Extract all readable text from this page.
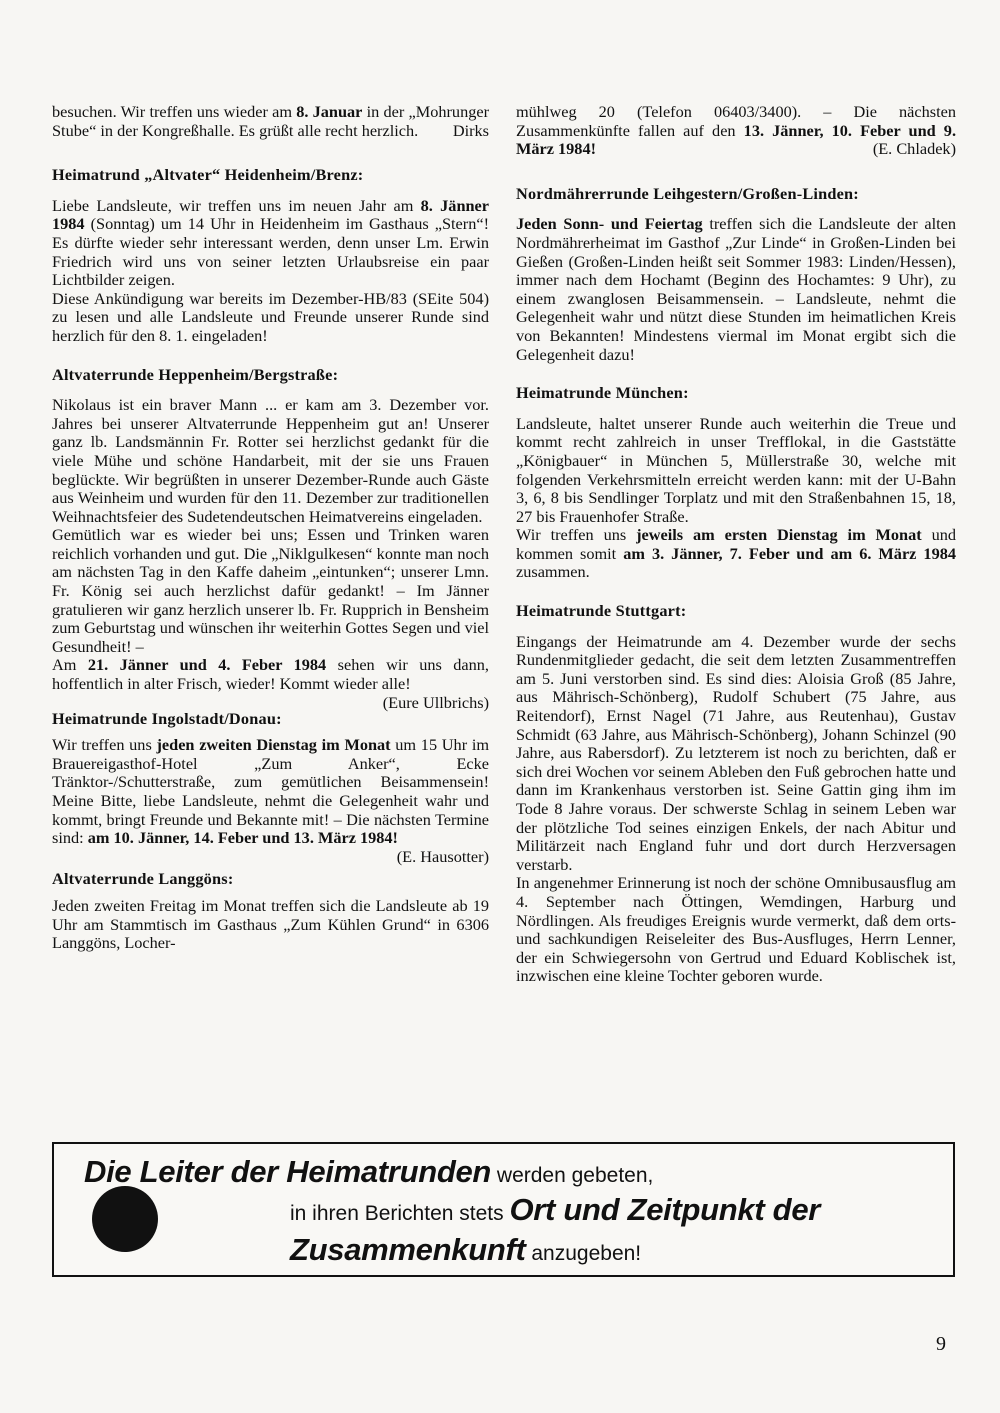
besuchen. Wir treffen uns wieder am 8. Januar in der „Mohrunger Stube“ in der Kongreßhalle. Es grüßt alle recht herzlich. Dirks

Heimatrund „Altvater“ Heidenheim/Brenz:

Liebe Landsleute, wir treffen uns im neuen Jahr am 8. Jänner 1984 (Sonntag) um 14 Uhr in Heidenheim im Gasthaus „Stern“! Es dürfte wieder sehr interessant werden, denn unser Lm. Erwin Friedrich wird uns von seiner letzten Urlaubsreise ein paar Lichtbilder zeigen.

Diese Ankündigung war bereits im Dezember-HB/83 (SEite 504) zu lesen und alle Landsleute und Freunde unserer Runde sind herzlich für den 8. 1. eingeladen!

Altvaterrunde Heppenheim/Bergstraße:

Nikolaus ist ein braver Mann ... er kam am 3. Dezember vor. Jahres bei unserer Altvaterrunde Heppenheim gut an! Unserer ganz lb. Landsmännin Fr. Rotter sei herzlichst gedankt für die viele Mühe und schöne Handarbeit, mit der sie uns Frauen beglückte. Wir begrüßten in unserer Dezember-Runde auch Gäste aus Weinheim und wurden für den 11. Dezember zur traditionellen Weihnachtsfeier des Sudetendeutschen Heimatvereins eingeladen.

Gemütlich war es wieder bei uns; Essen und Trinken waren reichlich vorhanden und gut. Die „Niklgulkesen“ konnte man noch am nächsten Tag in den Kaffe daheim „eintunken“; unserer Lmn. Fr. König sei auch herzlichst dafür gedankt! – Im Jänner gratulieren wir ganz herzlich unserer lb. Fr. Rupprich in Bensheim zum Geburtstag und wünschen ihr weiterhin Gottes Segen und viel Gesundheit! –

Am 21. Jänner und 4. Feber 1984 sehen wir uns dann, hoffentlich in alter Frisch, wieder! Kommt wieder alle!
(Eure Ullbrichs)

Heimatrunde Ingolstadt/Donau:

Wir treffen uns jeden zweiten Dienstag im Monat um 15 Uhr im Brauereigasthof-Hotel „Zum Anker“, Ecke Tränktor-/Schutterstraße, zum gemütlichen Beisammensein! Meine Bitte, liebe Landsleute, nehmt die Gelegenheit wahr und kommt, bringt Freunde und Bekannte mit! – Die nächsten Termine sind: am 10. Jänner, 14. Feber und 13. März 1984!

(E. Hausotter)

Altvaterrunde Langgöns:

Jeden zweiten Freitag im Monat treffen sich die Landsleute ab 19 Uhr am Stammtisch im Gasthaus „Zum Kühlen Grund“ in 6306 Langgöns, Locher-

mühlweg 20 (Telefon 06403/3400). – Die nächsten Zusammenkünfte fallen auf den 13. Jänner, 10. Feber und 9. März 1984!	(E. Chladek)

Nordmährerrunde Leihgestern/Großen-Linden:

Jeden Sonn- und Feiertag treffen sich die Landsleute der alten Nordmährerheimat im Gasthof „Zur Linde“ in Großen-Linden bei Gießen (Großen-Linden heißt seit Sommer 1983: Linden/Hessen), immer nach dem Hochamt (Beginn des Hochamtes: 9 Uhr), zu einem zwanglosen Beisammensein. – Landsleute, nehmt die Gelegenheit wahr und nützt diese Stunden im heimatlichen Kreis von Bekannten! Mindestens viermal im Monat ergibt sich die Gelegenheit dazu!

Heimatrunde München:

Landsleute, haltet unserer Runde auch weiterhin die Treue und kommt recht zahlreich in unser Trefflokal, in die Gaststätte „Königbauer“ in München 5, Müllerstraße 30, welche mit folgenden Verkehrsmitteln erreicht werden kann: mit der U-Bahn 3, 6, 8 bis Sendlinger Torplatz und mit den Straßenbahnen 15, 18, 27 bis Frauenhofer Straße.

Wir treffen uns jeweils am ersten Dienstag im Monat und kommen somit am 3. Jänner, 7. Feber und am 6. März 1984 zusammen.

Heimatrunde Stuttgart:

Eingangs der Heimatrunde am 4. Dezember wurde der sechs Rundenmitglieder gedacht, die seit dem letzten Zusammentreffen am 5. Juni verstorben sind. Es sind dies: Aloisia Groß (85 Jahre, aus Mährisch-Schönberg), Rudolf Schubert (75 Jahre, aus Reitendorf), Ernst Nagel (71 Jahre, aus Reutenhau), Gustav Schmidt (63 Jahre, aus Mährisch-Schönberg), Johann Schinzel (90 Jahre, aus Rabersdorf). Zu letzterem ist noch zu berichten, daß er sich drei Wochen vor seinem Ableben den Fuß gebrochen hatte und dann im Krankenhaus verstorben ist. Seine Gattin ging ihm im Tode 8 Jahre voraus. Der schwerste Schlag in seinem Leben war der plötzliche Tod seines einzigen Enkels, der nach Abitur und Militärzeit nach England fuhr und dort durch Herzversagen verstarb.

In angenehmer Erinnerung ist noch der schöne Omnibusausflug am 4. September nach Öttingen, Wemdingen, Harburg und Nördlingen. Als freudiges Ereignis wurde vermerkt, daß dem orts- und sachkundigen Reiseleiter des Bus-Ausfluges, Herrn Lenner, der ein Schwiegersohn von Gertrud und Eduard Koblischek ist, inzwischen eine kleine Tochter geboren wurde.

Die Leiter der Heimatrunden werden gebeten,
in ihren Berichten stets Ort und Zeitpunkt der
Zusammenkunft anzugeben!
9
